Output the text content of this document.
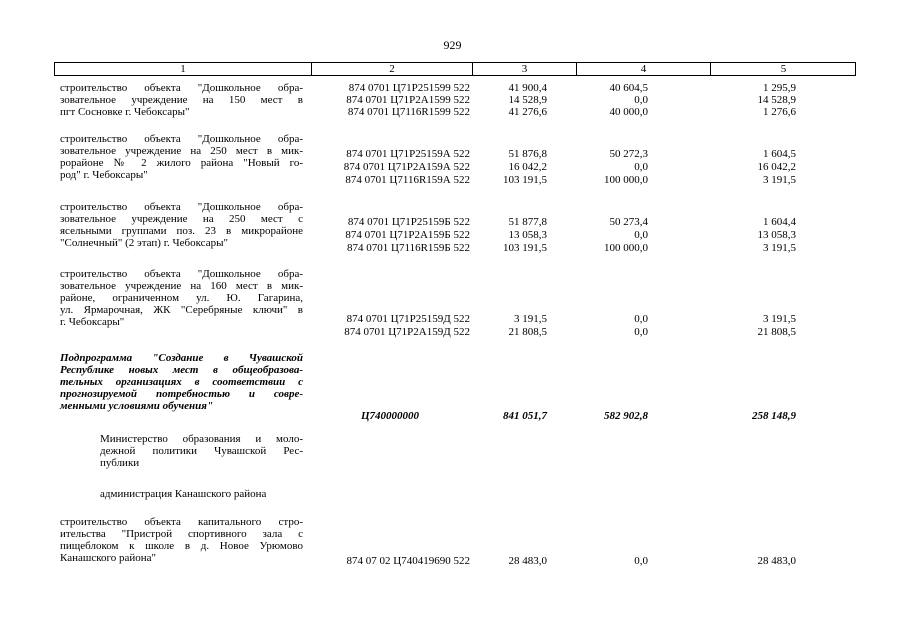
929
1	2	3	4	5
строительство объекта "Дошкольное обра-
зовательное учреждение на 150 мест в
пгт Сосновке г. Чебоксары"
874 0701 Ц71P251599 522	41 900,4	40 604,5	1 295,9
874 0701 Ц71P2A1599 522	14 528,9	0,0	14 528,9
874 0701 Ц7116R1599 522	41 276,6	40 000,0	1 276,6
строительство объекта "Дошкольное обра-
зовательное учреждение на 250 мест в мик-
рорайоне № 2 жилого района "Новый го-
род" г. Чебоксары"
874 0701 Ц71P25159А 522	51 876,8	50 272,3	1 604,5
874 0701 Ц71P2A159А 522	16 042,2	0,0	16 042,2
874 0701 Ц7116R159А 522	103 191,5	100 000,0	3 191,5
строительство объекта "Дошкольное обра-
зовательное учреждение на 250 мест с
ясельными группами поз. 23 в микрорайоне
"Солнечный" (2 этап) г. Чебоксары"
874 0701 Ц71P25159Б 522	51 877,8	50 273,4	1 604,4
874 0701 Ц71P2A159Б 522	13 058,3	0,0	13 058,3
874 0701 Ц7116R159Б 522	103 191,5	100 000,0	3 191,5
строительство объекта "Дошкольное обра-
зовательное учреждение на 160 мест в мик-
районе, ограниченном ул. Ю. Гагарина,
ул. Ярмарочная, ЖК "Серебряные ключи" в
г. Чебоксары"	874 0701 Ц71P25159Д 522	3 191,5	0,0	3 191,5
874 0701 Ц71P2A159Д 522	21 808,5	0,0	21 808,5
Подпрограмма "Создание в Чувашской
Республике новых мест в общеобразова-
тельных организациях в соответствии с
прогнозируемой потребностью и совре-
менными условиями обучения"
Ц740000000	841 051,7	582 902,8	258 148,9
Министерство образования и моло-
дежной политики Чувашской Рес-
публики
администрация Канашского района
строительство объекта капитального стро-
ительства "Пристрой спортивного зала с
пищеблоком к школе в д. Новое Урюмово
Канашского района"	874 07 02 Ц740419690 522	28 483,0	0,0	28 483,0
